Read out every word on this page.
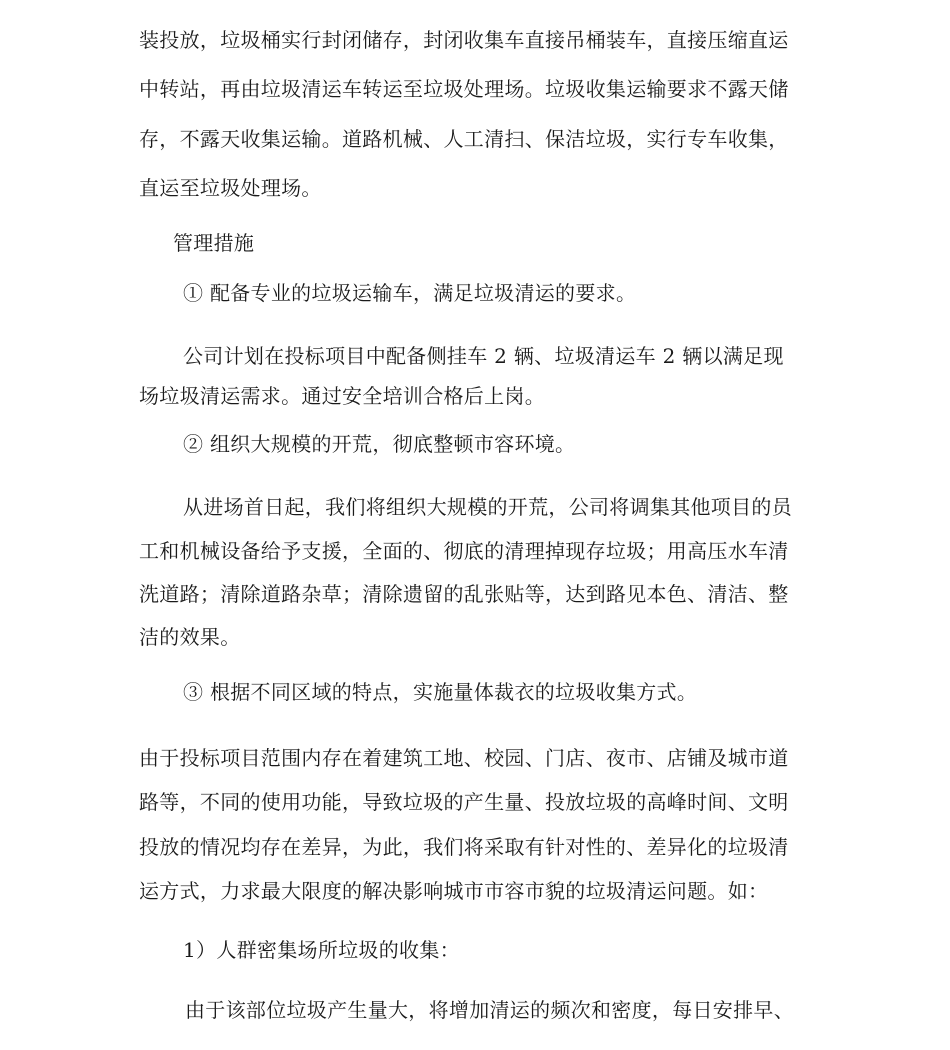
装投放，垃圾桶实行封闭储存，封闭收集车直接吊桶装车，直接压缩直运
中转站，再由垃圾清运车转运至垃圾处理场。垃圾收集运输要求不露天储
存，不露天收集运输。道路机械、人工清扫、保洁垃圾，实行专车收集，
直运至垃圾处理场。
管理措施
① 配备专业的垃圾运输车，满足垃圾清运的要求。
公司计划在投标项目中配备侧挂车 2 辆、垃圾清运车 2 辆以满足现
场垃圾清运需求。通过安全培训合格后上岗。
② 组织大规模的开荒，彻底整顿市容环境。
从进场首日起，我们将组织大规模的开荒，公司将调集其他项目的员
工和机械设备给予支援，全面的、彻底的清理掉现存垃圾；用高压水车清
洗道路；清除道路杂草；清除遗留的乱张贴等，达到路见本色、清洁、整
洁的效果。
③ 根据不同区域的特点，实施量体裁衣的垃圾收集方式。
由于投标项目范围内存在着建筑工地、校园、门店、夜市、店铺及城市道
路等，不同的使用功能，导致垃圾的产生量、投放垃圾的高峰时间、文明
投放的情况均存在差异，为此，我们将采取有针对性的、差异化的垃圾清
运方式，力求最大限度的解决影响城市市容市貌的垃圾清运问题。如：
1）人群密集场所垃圾的收集：
由于该部位垃圾产生量大，将增加清运的频次和密度，每日安排早、
